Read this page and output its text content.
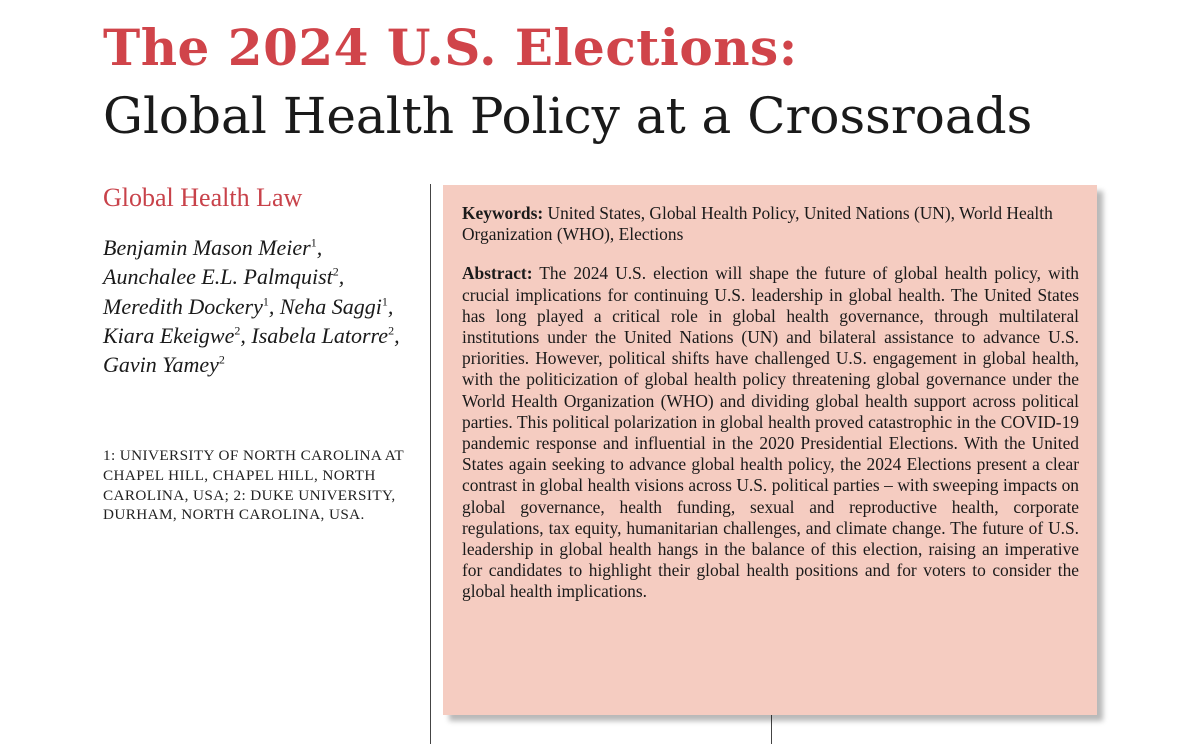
The 2024 U.S. Elections:
Global Health Policy at a Crossroads
Global Health Law
Benjamin Mason Meier$^1$, Aunchalee E.L. Palmquist$^2$, Meredith Dockery$^1$, Neha Saggi$^1$, Kiara Ekeigwe$^2$, Isabela Latorre$^2$, Gavin Yamey$^2$
1: UNIVERSITY OF NORTH CAROLINA AT CHAPEL HILL, CHAPEL HILL, NORTH CAROLINA, USA; 2: DUKE UNIVERSITY, DURHAM, NORTH CAROLINA, USA.

Keywords: United States, Global Health Policy, United Nations (UN), World Health Organization (WHO), Elections

Abstract: The 2024 U.S. election will shape the future of global health policy, with crucial implications for continuing U.S. leadership in global health. The United States has long played a critical role in global health governance, through multilateral institutions under the United Nations (UN) and bilateral assistance to advance U.S. priorities. However, political shifts have challenged U.S. engagement in global health, with the politicization of global health policy threatening global governance under the World Health Organization (WHO) and dividing global health support across political parties. This political polarization in global health proved catastrophic in the COVID-19 pandemic response and influential in the 2020 Presidential Elections. With the United States again seeking to advance global health policy, the 2024 Elections present a clear contrast in global health visions across U.S. political parties – with sweeping impacts on global governance, health funding, sexual and reproductive health, corporate regulations, tax equity, humanitarian challenges, and climate change. The future of U.S. leadership in global health hangs in the balance of this election, raising an imperative for candidates to highlight their global health positions and for voters to consider the global health implications.
